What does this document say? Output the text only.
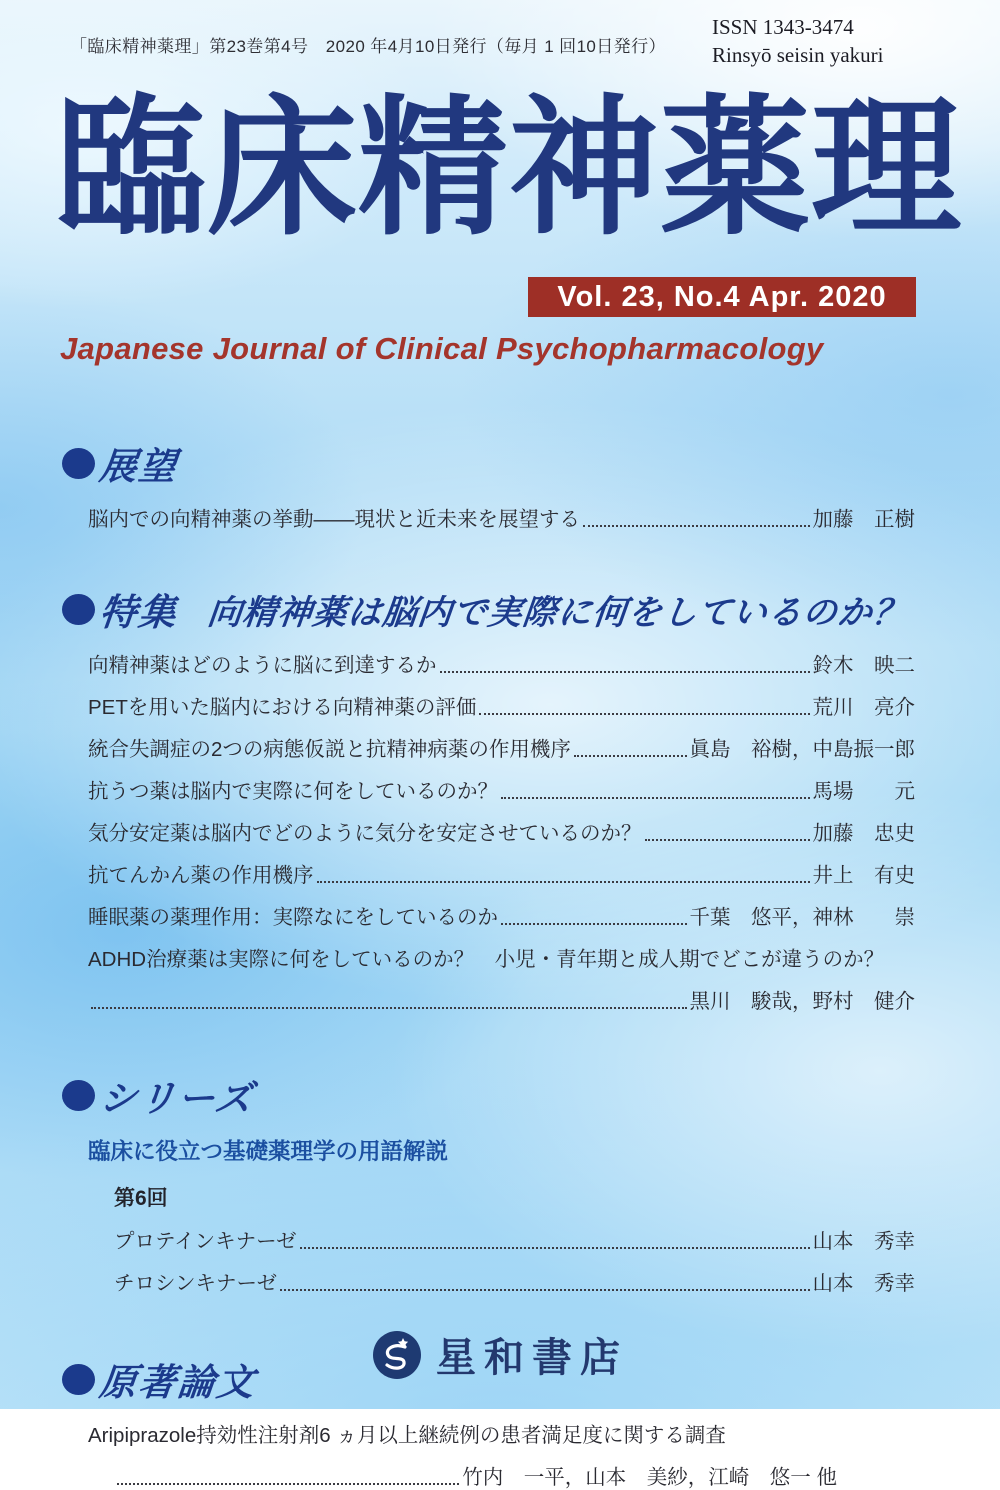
「臨床精神薬理」第23巻第4号　2020 年4月10日発行（毎月 1 回10日発行）
ISSN 1343-3474
Rinsyō seisin yakuri
臨床精神薬理
Vol. 23, No.4 Apr. 2020
Japanese Journal of Clinical Psychopharmacology
展望
脳内での向精神薬の挙動——現状と近未来を展望する	加藤　正樹
特集 向精神薬は脳内で実際に何をしているのか？
向精神薬はどのように脳に到達するか	鈴木　映二
PETを用いた脳内における向精神薬の評価	荒川　亮介
統合失調症の2つの病態仮説と抗精神病薬の作用機序	眞島　裕樹，中島振一郎
抗うつ薬は脳内で実際に何をしているのか？	馬場　　元
気分安定薬は脳内でどのように気分を安定させているのか？	加藤　忠史
抗てんかん薬の作用機序	井上　有史
睡眠薬の薬理作用：実際なにをしているのか	千葉　悠平，神林　　崇
ADHD治療薬は実際に何をしているのか？　小児・青年期と成人期でどこが違うのか？
黒川　駿哉，野村　健介
シリーズ
臨床に役立つ基礎薬理学の用語解説
第6回
プロテインキナーゼ	山本　秀幸
チロシンキナーゼ	山本　秀幸
原著論文
Aripiprazole持効性注射剤6 ヵ月以上継続例の患者満足度に関する調査
竹内　一平，山本　美紗，江崎　悠一 他
星和書店
